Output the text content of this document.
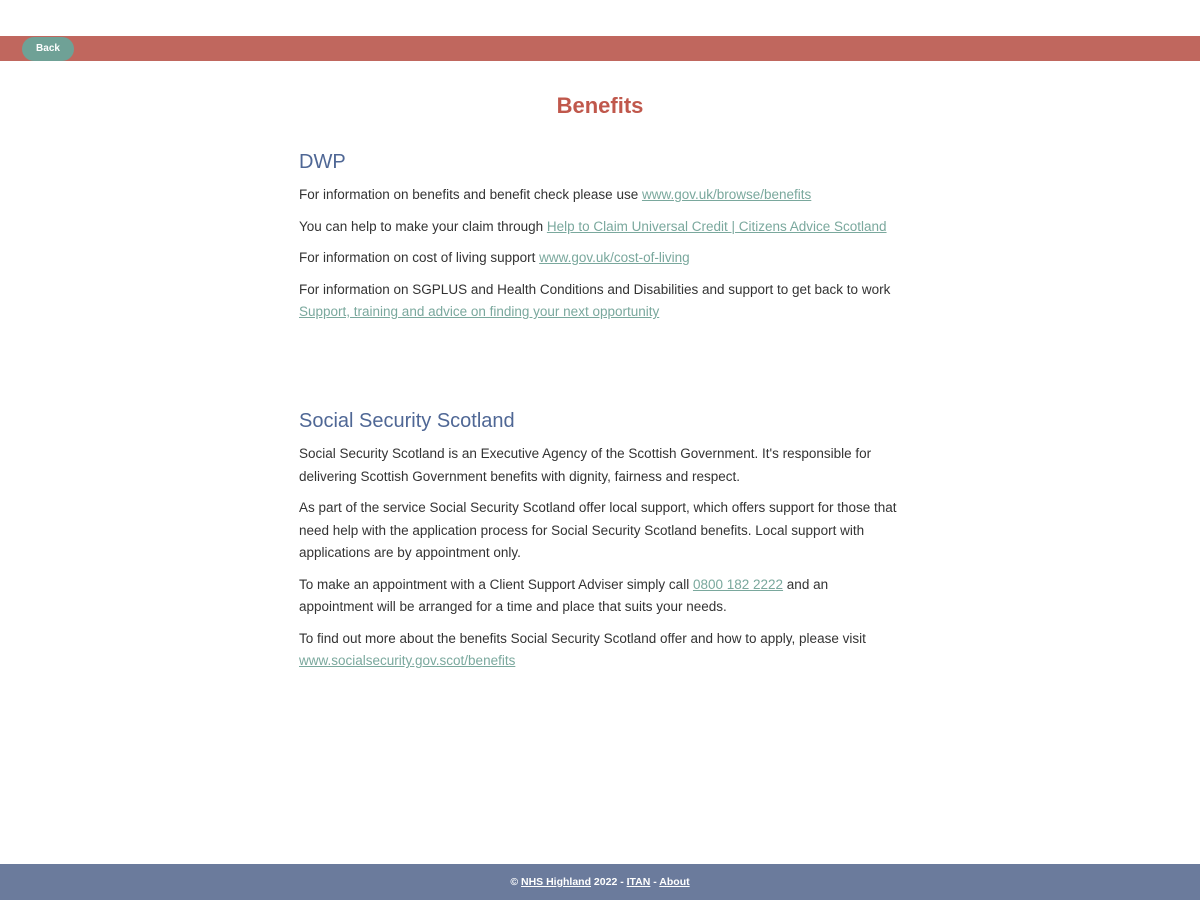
Back
Benefits
DWP

For information on benefits and benefit check please use www.gov.uk/browse/benefits

You can help to make your claim through Help to Claim Universal Credit | Citizens Advice Scotland

For information on cost of living support www.gov.uk/cost-of-living

For information on SGPLUS and Health Conditions and Disabilities and support to get back to work Support, training and advice on finding your next opportunity

Social Security Scotland

Social Security Scotland is an Executive Agency of the Scottish Government. It's responsible for delivering Scottish Government benefits with dignity, fairness and respect.

As part of the service Social Security Scotland offer local support, which offers support for those that need help with the application process for Social Security Scotland benefits. Local support with applications are by appointment only.

To make an appointment with a Client Support Adviser simply call 0800 182 2222 and an appointment will be arranged for a time and place that suits your needs.

To find out more about the benefits Social Security Scotland offer and how to apply, please visit www.socialsecurity.gov.scot/benefits

© NHS Highland 2022 - ITAN - About
